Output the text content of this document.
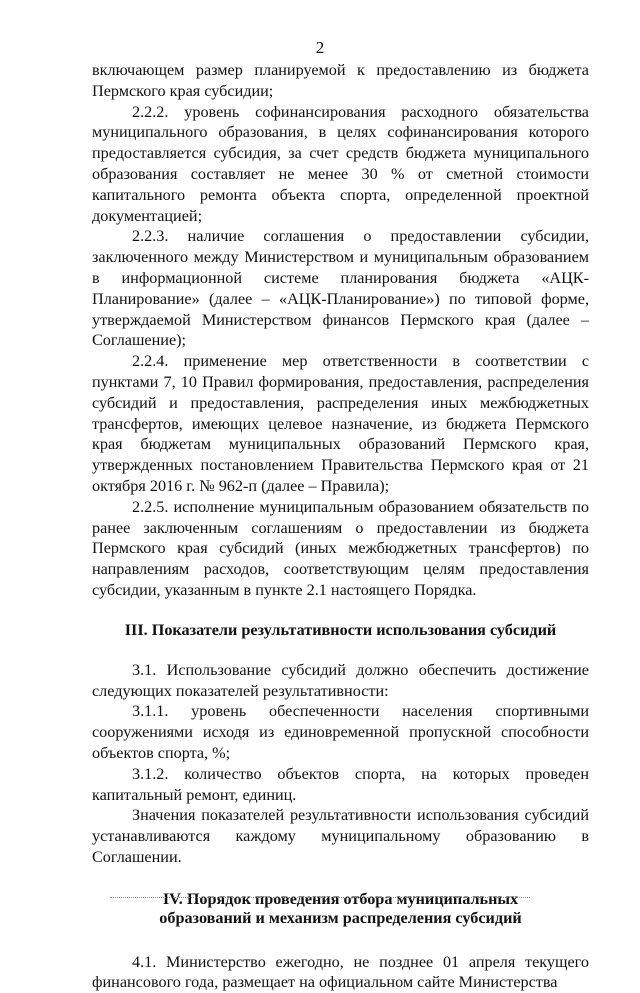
2

включающем размер планируемой к предоставлению из бюджета Пермского края субсидии;

2.2.2. уровень софинансирования расходного обязательства муниципального образования, в целях софинансирования которого предоставляется субсидия, за счет средств бюджета муниципального образования составляет не менее 30 % от сметной стоимости капитального ремонта объекта спорта, определенной проектной документацией;

2.2.3. наличие соглашения о предоставлении субсидии, заключенного между Министерством и муниципальным образованием в информационной системе планирования бюджета «АЦК-Планирование» (далее – «АЦК-Планирование») по типовой форме, утверждаемой Министерством финансов Пермского края (далее – Соглашение);

2.2.4. применение мер ответственности в соответствии с пунктами 7, 10 Правил формирования, предоставления, распределения субсидий и предоставления, распределения иных межбюджетных трансфертов, имеющих целевое назначение, из бюджета Пермского края бюджетам муниципальных образований Пермского края, утвержденных постановлением Правительства Пермского края от 21 октября 2016 г. № 962-п (далее – Правила);

2.2.5. исполнение муниципальным образованием обязательств по ранее заключенным соглашениям о предоставлении из бюджета Пермского края субсидий (иных межбюджетных трансфертов) по направлениям расходов, соответствующим целям предоставления субсидии, указанным в пункте 2.1 настоящего Порядка.

III. Показатели результативности использования субсидий

3.1. Использование субсидий должно обеспечить достижение следующих показателей результативности:

3.1.1. уровень обеспеченности населения спортивными сооружениями исходя из единовременной пропускной способности объектов спорта, %;

3.1.2. количество объектов спорта, на которых проведен капитальный ремонт, единиц.

Значения показателей результативности использования субсидий устанавливаются каждому муниципальному образованию в Соглашении.

IV. Порядок проведения отбора муниципальных образований и механизм распределения субсидий

4.1. Министерство ежегодно, не позднее 01 апреля текущего финансового года, размещает на официальном сайте Министерства
